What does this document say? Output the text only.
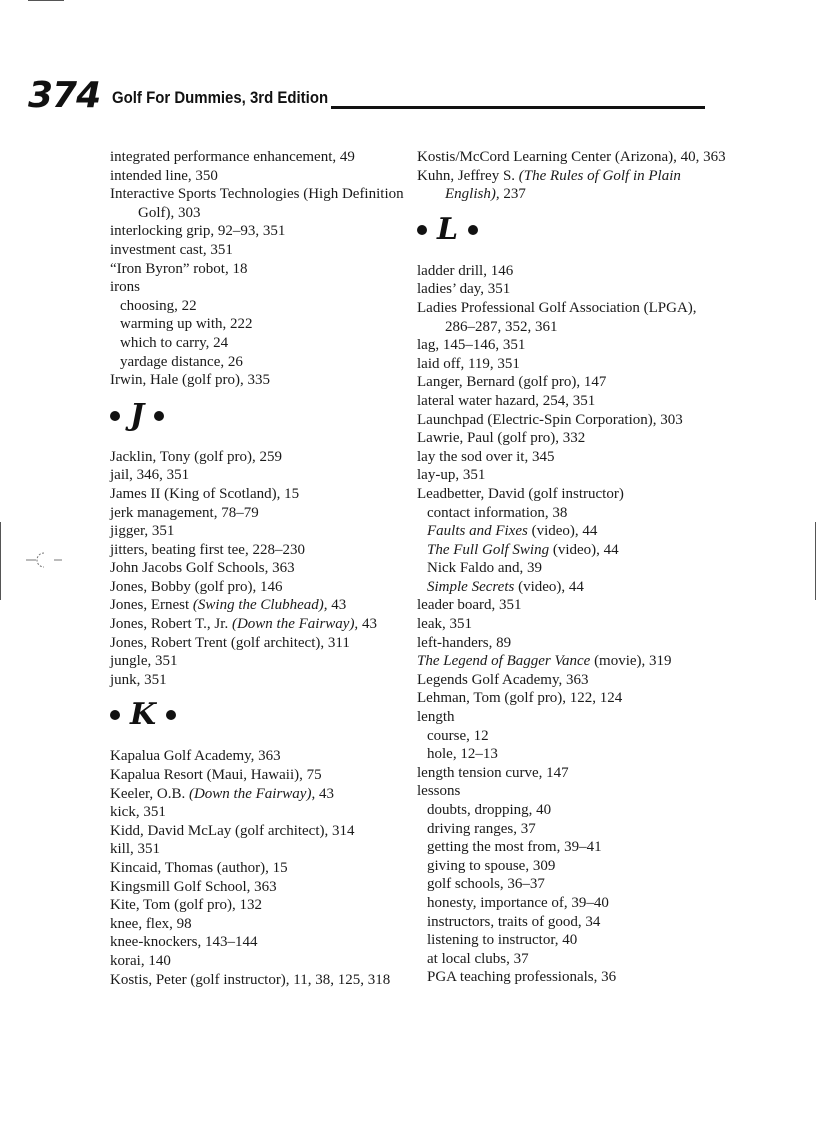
374 Golf For Dummies, 3rd Edition

integrated performance enhancement, 49

intended line, 350

Interactive Sports Technologies (High Definition Golf), 303

interlocking grip, 92–93, 351

investment cast, 351

“Iron Byron” robot, 18

irons

choosing, 22

warming up with, 222

which to carry, 24

yardage distance, 26

Irwin, Hale (golf pro), 335

J

Jacklin, Tony (golf pro), 259

jail, 346, 351

James II (King of Scotland), 15

jerk management, 78–79

jigger, 351

jitters, beating first tee, 228–230

John Jacobs Golf Schools, 363

Jones, Bobby (golf pro), 146

Jones, Ernest (Swing the Clubhead), 43

Jones, Robert T., Jr. (Down the Fairway), 43

Jones, Robert Trent (golf architect), 311

jungle, 351

junk, 351

K

Kapalua Golf Academy, 363

Kapalua Resort (Maui, Hawaii), 75

Keeler, O.B. (Down the Fairway), 43

kick, 351

Kidd, David McLay (golf architect), 314

kill, 351

Kincaid, Thomas (author), 15

Kingsmill Golf School, 363

Kite, Tom (golf pro), 132

knee, flex, 98

knee-knockers, 143–144

korai, 140

Kostis, Peter (golf instructor), 11, 38, 125, 318

Kostis/McCord Learning Center (Arizona), 40, 363

Kuhn, Jeffrey S. (The Rules of Golf in Plain English), 237

L

ladder drill, 146

ladies’ day, 351

Ladies Professional Golf Association (LPGA), 286–287, 352, 361

lag, 145–146, 351

laid off, 119, 351

Langer, Bernard (golf pro), 147

lateral water hazard, 254, 351

Launchpad (Electric-Spin Corporation), 303

Lawrie, Paul (golf pro), 332

lay the sod over it, 345

lay-up, 351

Leadbetter, David (golf instructor)

contact information, 38

Faults and Fixes (video), 44

The Full Golf Swing (video), 44

Nick Faldo and, 39

Simple Secrets (video), 44

leader board, 351

leak, 351

left-handers, 89

The Legend of Bagger Vance (movie), 319

Legends Golf Academy, 363

Lehman, Tom (golf pro), 122, 124

length

course, 12

hole, 12–13

length tension curve, 147

lessons

doubts, dropping, 40

driving ranges, 37

getting the most from, 39–41

giving to spouse, 309

golf schools, 36–37

honesty, importance of, 39–40

instructors, traits of good, 34

listening to instructor, 40

at local clubs, 37

PGA teaching professionals, 36
